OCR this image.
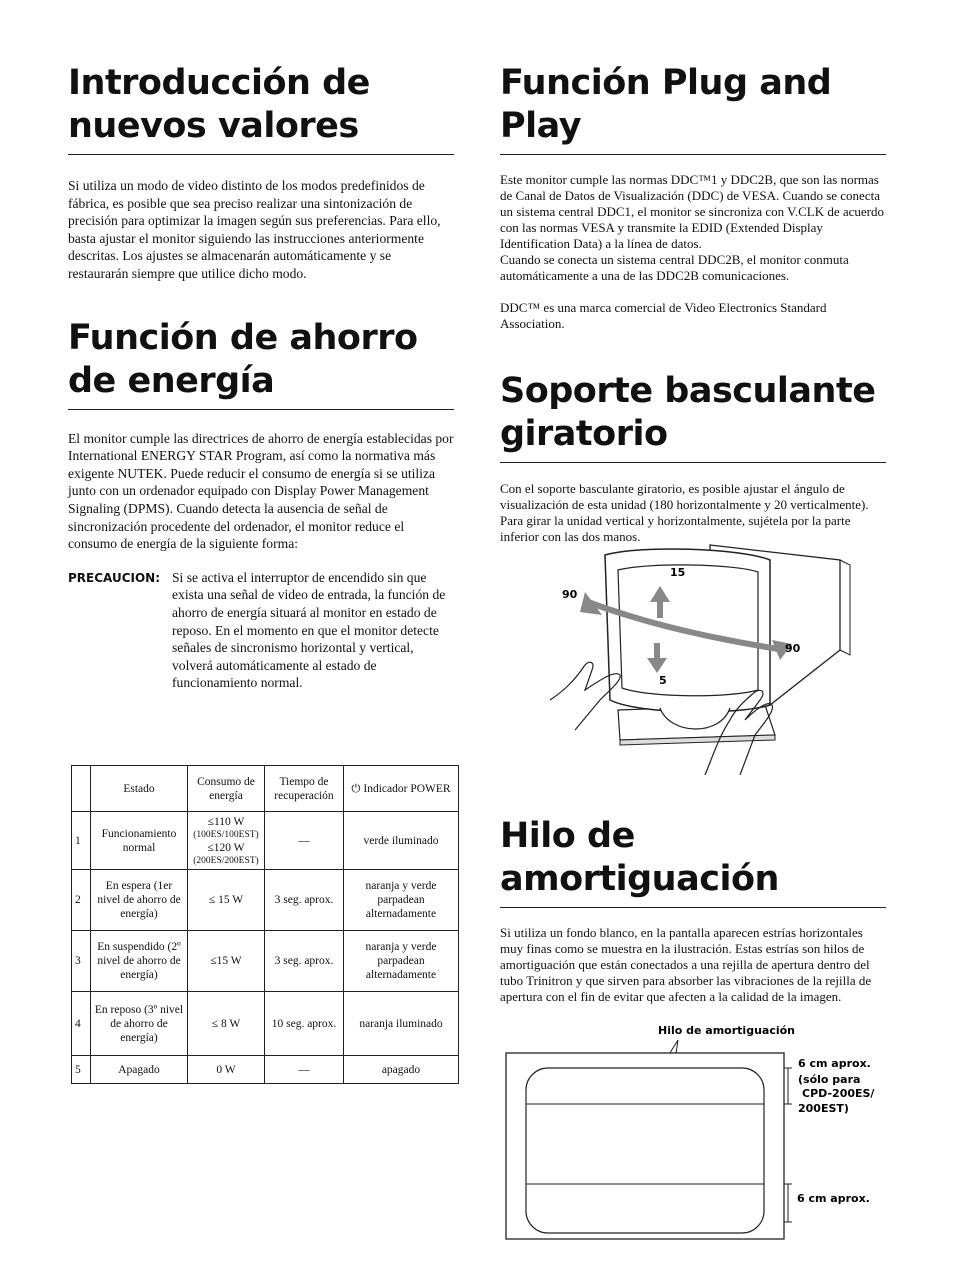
Introducción de
nuevos valores

Si utiliza un modo de video distinto de los modos predefinidos de fábrica, es posible que sea preciso realizar una sintonización de precisión para optimizar la imagen según sus preferencias. Para ello, basta ajustar el monitor siguiendo las instrucciones anteriormente descritas. Los ajustes se almacenarán automáticamente y se restaurarán siempre que utilice dicho modo.

Función de ahorro
de energía

El monitor cumple las directrices de ahorro de energía establecidas por International ENERGY STAR Program, así como la normativa más exigente NUTEK. Puede reducir el consumo de energía si se utiliza junto con un ordenador equipado con Display Power Management Signaling (DPMS). Cuando detecta la ausencia de señal de sincronización procedente del ordenador, el monitor reduce el consumo de energía de la siguiente forma:

PRECAUCION: Si se activa el interruptor de encendido sin que exista una señal de video de entrada, la función de ahorro de energía situará al monitor en estado de reposo. En el momento en que el monitor detecte señales de sincronismo horizontal y vertical, volverá automáticamente al estado de funcionamiento normal.
	Estado	Consumo de energía	Tiempo de recuperación	⏻ Indicador POWER
1	Funcionamiento normal	≤110 W
(100ES/100EST)
≤120 W
(200ES/200EST)	—	verde iluminado
2	En espera (1er nivel de ahorro de energía)	≤ 15 W	3 seg. aprox.	naranja y verde parpadean alternadamente
3	En suspendido (2º nivel de ahorro de energía)	≤15 W	3 seg. aprox.	naranja y verde parpadean alternadamente
4	En reposo (3º nivel de ahorro de energía)	≤ 8 W	10 seg. aprox.	naranja iluminado
5	Apagado	0 W	—	apagado
Función Plug and Play

Este monitor cumple las normas DDC™1 y DDC2B, que son las normas de Canal de Datos de Visualización (DDC) de VESA. Cuando se conecta un sistema central DDC1, el monitor se sincroniza con V.CLK de acuerdo con las normas VESA y transmite la EDID (Extended Display Identification Data) a la línea de datos.

Cuando se conecta un sistema central DDC2B, el monitor conmuta automáticamente a una de las DDC2B comunicaciones.

DDC™ es una marca comercial de Video Electronics Standard Association.

Soporte basculante
giratorio

Con el soporte basculante giratorio, es posible ajustar el ángulo de visualización de esta unidad (180 horizontalmente y 20 verticalmente).

Para girar la unidad vertical y horizontalmente, sujétela por la parte inferior con las dos manos.

15
5
90
90
Hilo de
amortiguación

Si utiliza un fondo blanco, en la pantalla aparecen estrías horizontales muy finas como se muestra en la ilustración. Estas estrías son hilos de amortiguación que están conectados a una rejilla de apertura dentro del tubo Trinitron y que sirven para absorber las vibraciones de la rejilla de apertura con el fin de evitar que afecten a la calidad de la imagen.

Hilo de amortiguación
6 cm aprox.
(sólo para
CPD-200ES/
200EST)
6 cm aprox.
